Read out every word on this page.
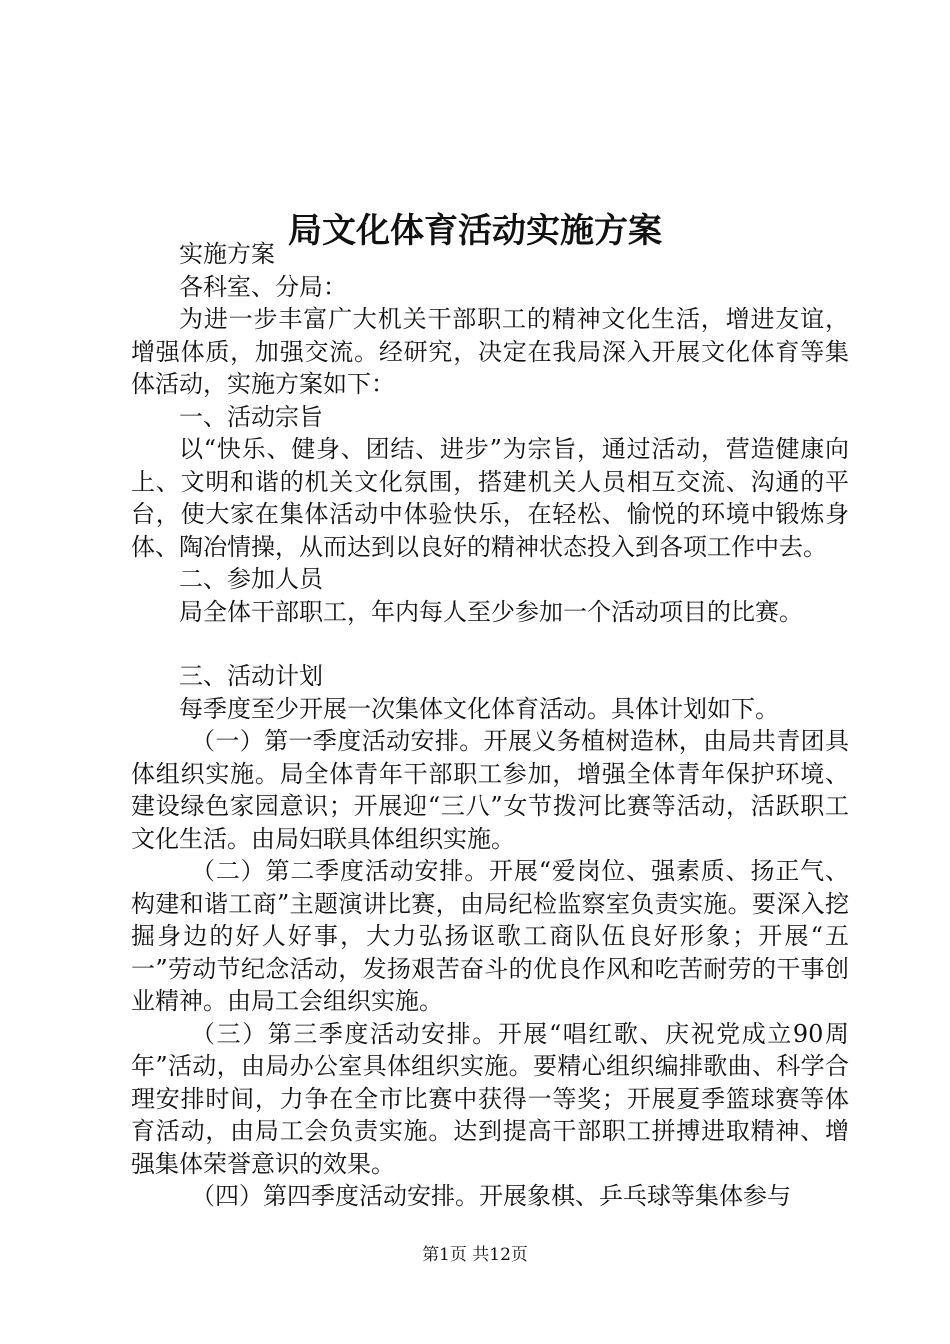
局文化体育活动实施方案

实施方案

各科室、分局：

为进一步丰富广大机关干部职工的精神文化生活，增进友谊，增强体质，加强交流。经研究，决定在我局深入开展文化体育等集体活动，实施方案如下：

一、活动宗旨

以“快乐、健身、团结、进步”为宗旨，通过活动，营造健康向上、文明和谐的机关文化氛围，搭建机关人员相互交流、沟通的平台，使大家在集体活动中体验快乐，在轻松、愉悦的环境中锻炼身体、陶冶情操，从而达到以良好的精神状态投入到各项工作中去。

二、参加人员

局全体干部职工，年内每人至少参加一个活动项目的比赛。

三、活动计划

每季度至少开展一次集体文化体育活动。具体计划如下。

（一）第一季度活动安排。开展义务植树造林，由局共青团具体组织实施。局全体青年干部职工参加，增强全体青年保护环境、建设绿色家园意识；开展迎“三八”女节拨河比赛等活动，活跃职工文化生活。由局妇联具体组织实施。

（二）第二季度活动安排。开展“爱岗位、强素质、扬正气、构建和谐工商”主题演讲比赛，由局纪检监察室负责实施。要深入挖掘身边的好人好事，大力弘扬讴歌工商队伍良好形象；开展“五一”劳动节纪念活动，发扬艰苦奋斗的优良作风和吃苦耐劳的干事创业精神。由局工会组织实施。

（三）第三季度活动安排。开展“唱红歌、庆祝党成立90周年”活动，由局办公室具体组织实施。要精心组织编排歌曲、科学合理安排时间，力争在全市比赛中获得一等奖；开展夏季篮球赛等体育活动，由局工会负责实施。达到提高干部职工拼搏进取精神、增强集体荣誉意识的效果。

（四）第四季度活动安排。开展象棋、乒乓球等集体参与

第1页 共12页
